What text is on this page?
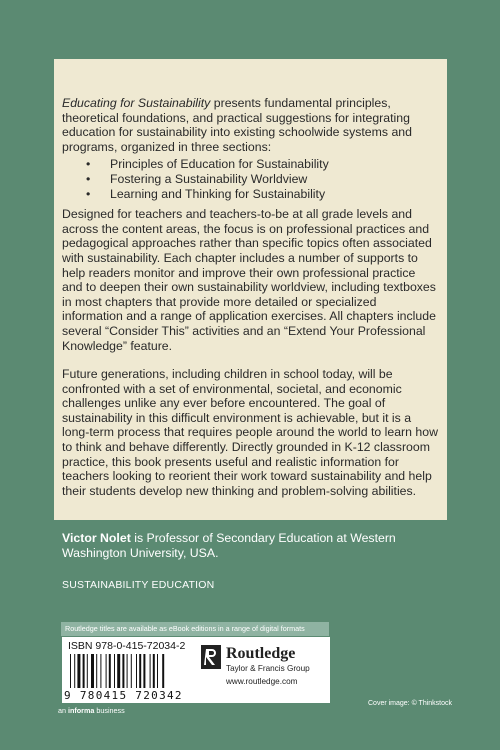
Educating for Sustainability presents fundamental principles, theoretical foundations, and practical suggestions for integrating education for sustainability into existing schoolwide systems and programs, organized in three sections:

• Principles of Education for Sustainability
• Fostering a Sustainability Worldview
• Learning and Thinking for Sustainability

Designed for teachers and teachers-to-be at all grade levels and across the content areas, the focus is on professional practices and pedagogical approaches rather than specific topics often associated with sustainability. Each chapter includes a number of supports to help readers monitor and improve their own professional practice and to deepen their own sustainability worldview, including textboxes in most chapters that provide more detailed or specialized information and a range of application exercises. All chapters include several “Consider This” activities and an “Extend Your Professional Knowledge” feature.

Future generations, including children in school today, will be confronted with a set of environmental, societal, and economic challenges unlike any ever before encountered. The goal of sustainability in this difficult environment is achievable, but it is a long-term process that requires people around the world to learn how to think and behave differently. Directly grounded in K-12 classroom practice, this book presents useful and realistic information for teachers looking to reorient their work toward sustainability and help their students develop new thinking and problem-solving abilities.

Victor Nolet is Professor of Secondary Education at Western Washington University, USA.
SUSTAINABILITY EDUCATION
Routledge titles are available as eBook editions in a range of digital formats
ISBN 978-0-415-72034-2
9 780415 720342
Routledge
Taylor & Francis Group
www.routledge.com
an informa business
Cover image: © Thinkstock
